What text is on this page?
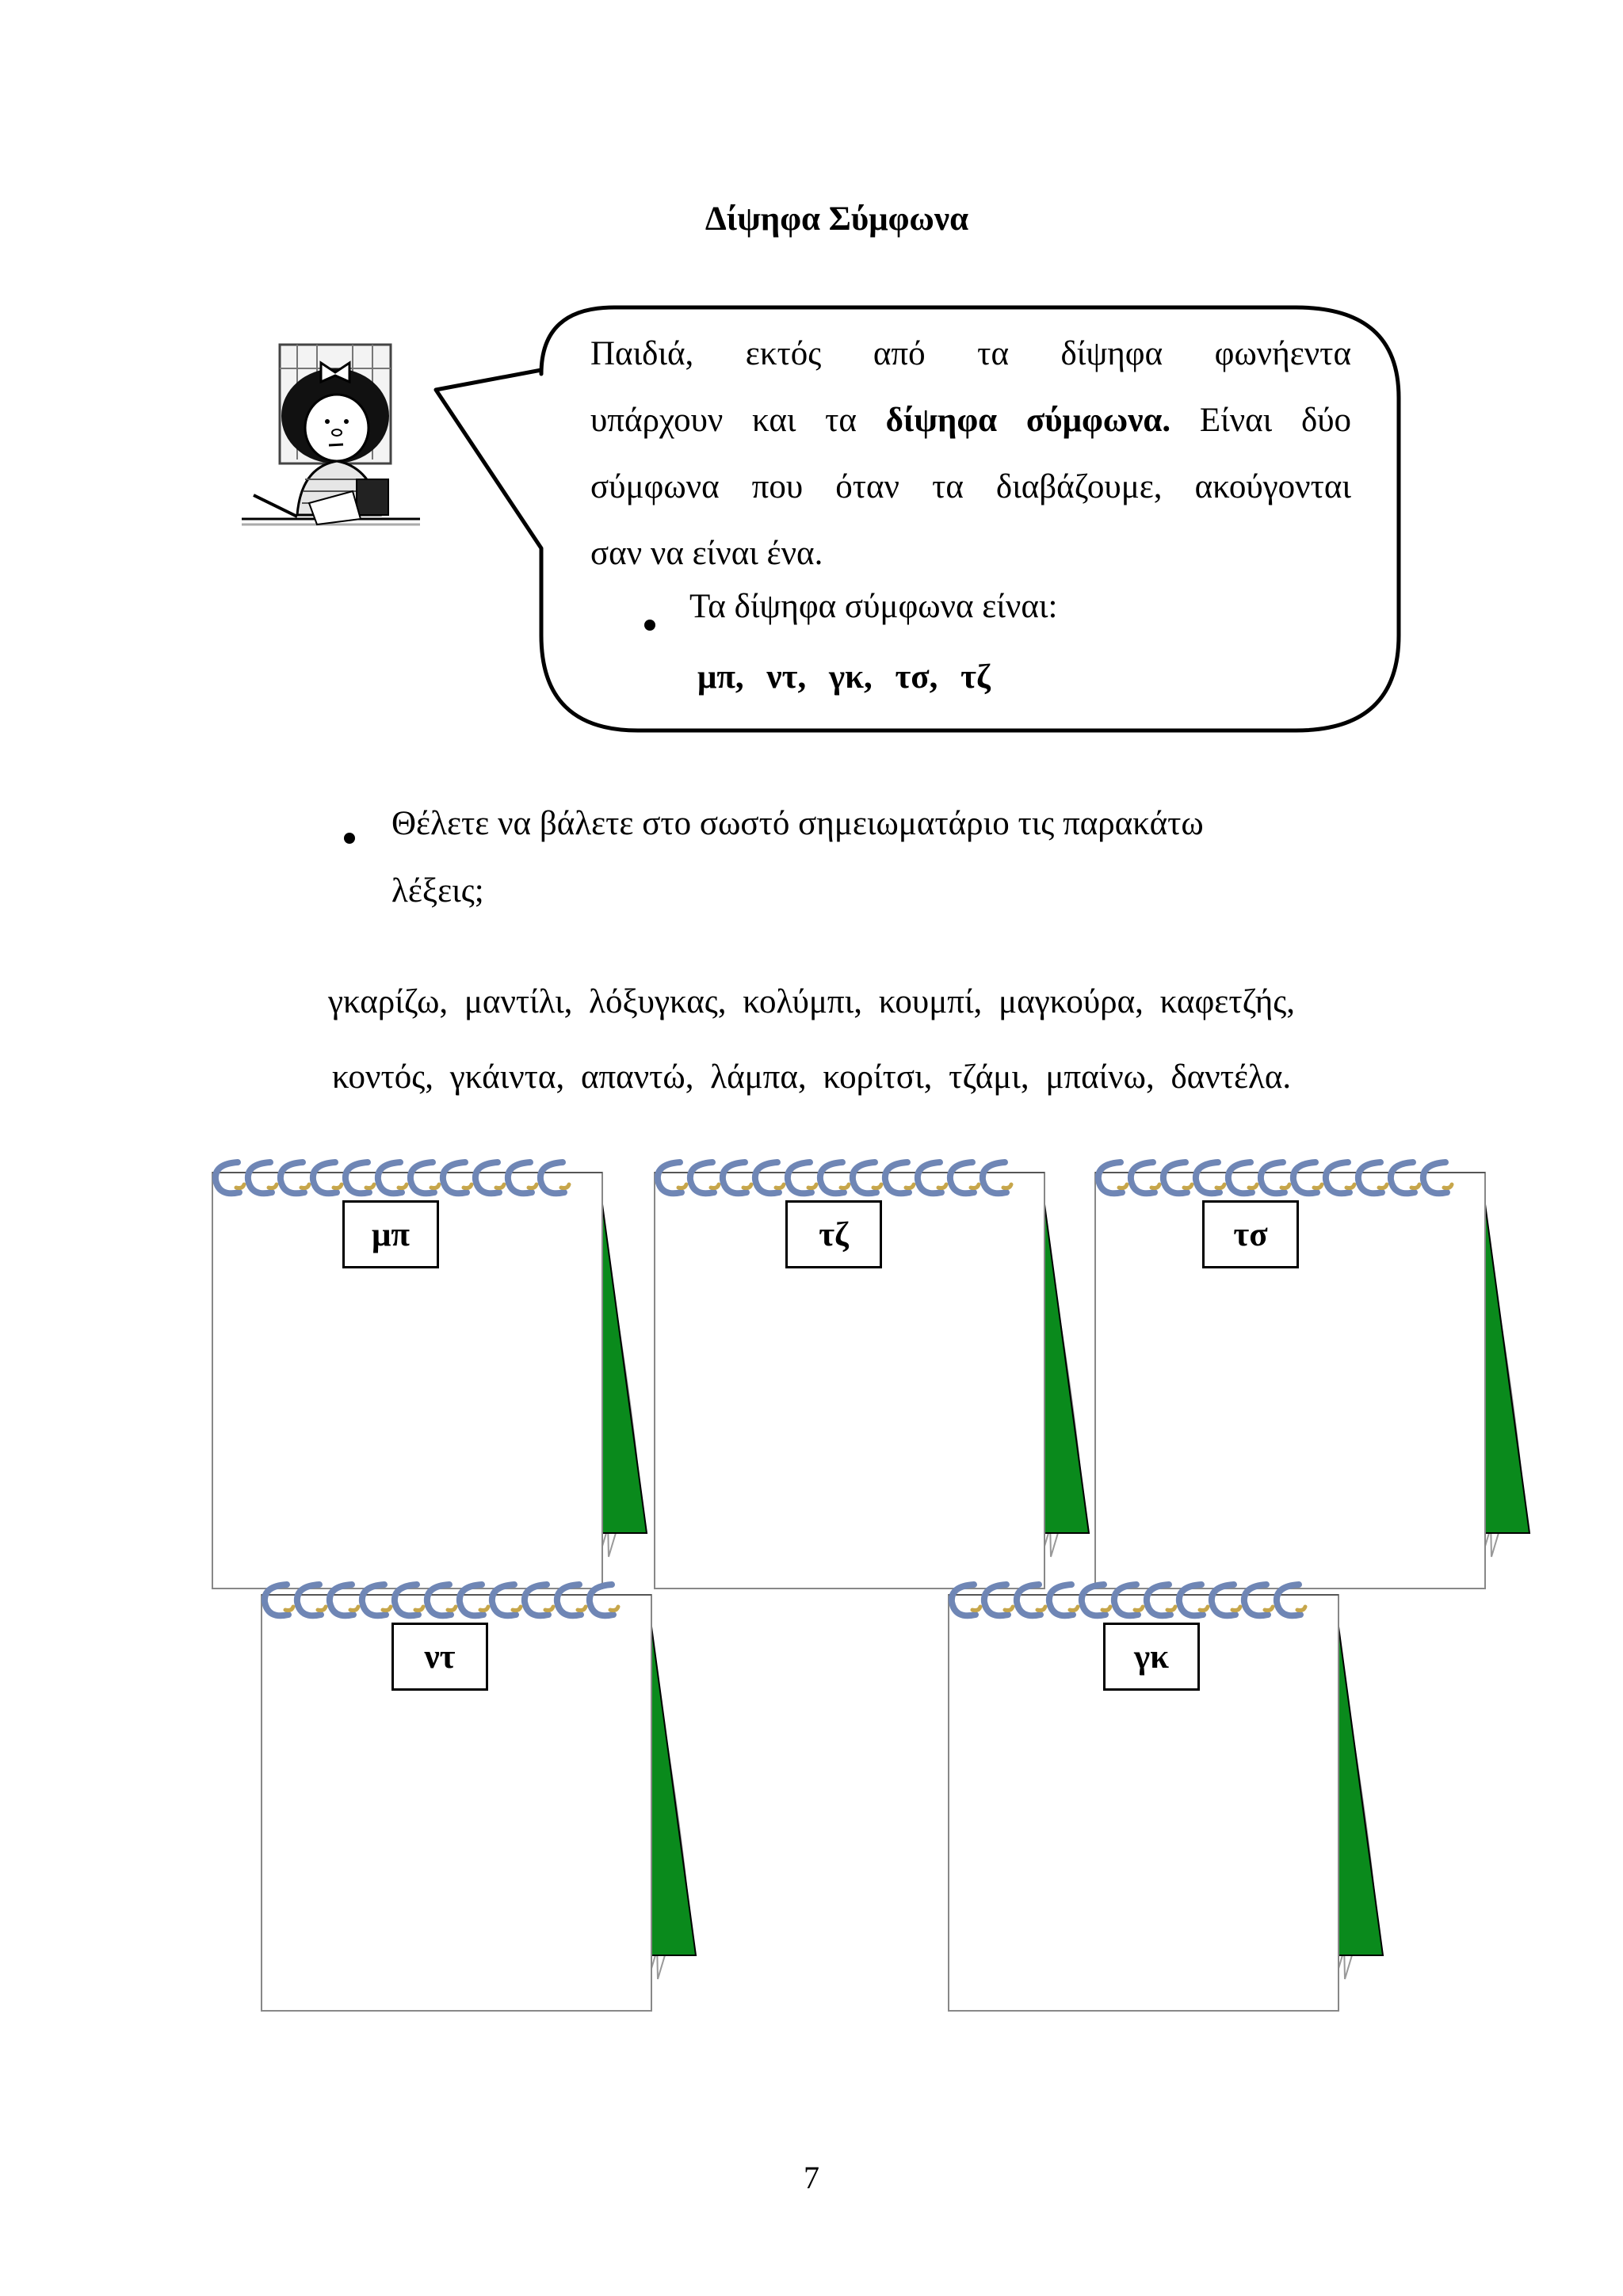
Δίψηφα Σύμφωνα
Παιδιά, εκτός από τα δίψηφα φωνήεντα
υπάρχουν και τα δίψηφα σύμφωνα. Είναι δύο
σύμφωνα που όταν τα διαβάζουμε, ακούγονται
σαν να είναι ένα.
Τα δίψηφα σύμφωνα είναι:
μπ, ντ, γκ, τσ, τζ
Θέλετε να βάλετε στο σωστό σημειωματάριο τις παρακάτω
λέξεις;
γκαρίζω, μαντίλι, λόξυγκας, κολύμπι, κουμπί, μαγκούρα, καφετζής,
κοντός, γκάιντα, απαντώ, λάμπα, κορίτσι, τζάμι, μπαίνω, δαντέλα.
μπ	τζ	τσ
ντ	γκ
7
